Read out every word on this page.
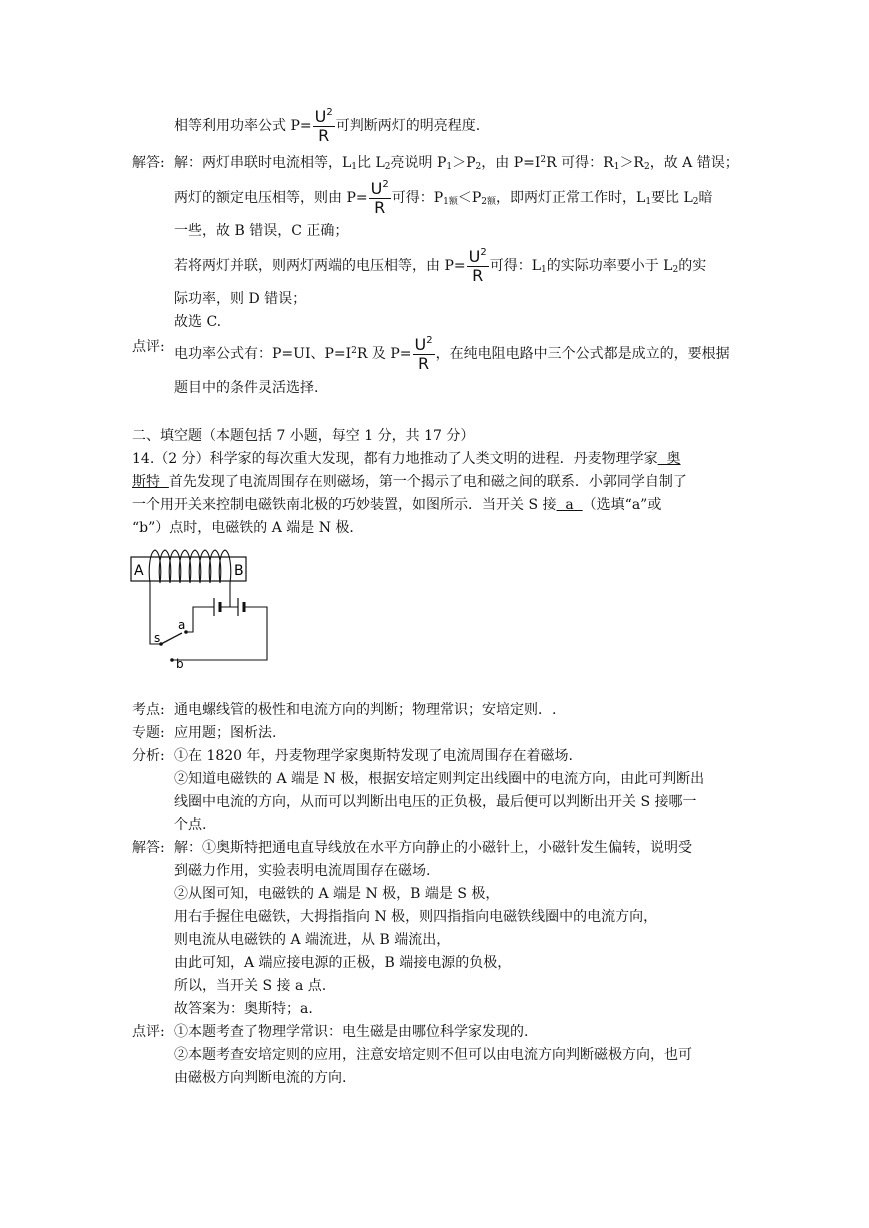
相等利用功率公式 $P= \frac{U^2}{R}$ 可判断两灯的明亮程度.
解答: 解：两灯串联时电流相等，$L_1$比 $L_2$亮说明 $P_1>P_2$，由 $P=I^2R$ 可得：$R_1>R_2$，故 A 错误；
两灯的额定电压相等，则由 $P= \frac{U^2}{R}$ 可得：$P_{1额}<P_{2额}$，即两灯正常工作时，$L_1$要比 $L_2$暗
一些，故 B 错误，C 正确；
若将两灯并联，则两灯两端的电压相等，由 $P= \frac{U^2}{R}$ 可得：$L_1$的实际功率要小于 $L_2$的实
际功率，则 D 错误；
故选 C.
点评: 电功率公式有：P=UI、$P=I^2R$ 及 $P= \frac{U^2}{R}$ ，在纯电阻电路中三个公式都是成立的，要根据
题目中的条件灵活选择.
二、填空题（本题包括 7 小题，每空 1 分，共 17 分）
14.（2 分）科学家的每次重大发现，都有力地推动了人类文明的进程．丹麦物理学家  奥
斯特  首先发现了电流周围存在则磁场，第一个揭示了电和磁之间的联系．小郭同学自制了
一个用开关来控制电磁铁南北极的巧妙装置，如图所示．当开关 S 接  a  （选填“a”或
“b”）点时，电磁铁的 A 端是 N 极．
A	B
s
a
b
考点: 通电螺线管的极性和电流方向的判断；物理常识；安培定则．.
专题: 应用题；图析法.
分析: ①在 1820 年，丹麦物理学家奥斯特发现了电流周围存在着磁场.
②知道电磁铁的 A 端是 N 极，根据安培定则判定出线圈中的电流方向，由此可判断出
线圈中电流的方向，从而可以判断出电压的正负极，最后便可以判断出开关 S 接哪一
个点.
解答: 解：①奥斯特把通电直导线放在水平方向静止的小磁针上，小磁针发生偏转，说明受
到磁力作用，实验表明电流周围存在磁场.
②从图可知，电磁铁的 A 端是 N 极，B 端是 S 极，
用右手握住电磁铁，大拇指指向 N 极，则四指指向电磁铁线圈中的电流方向，
则电流从电磁铁的 A 端流进，从 B 端流出，
由此可知，A 端应接电源的正极，B 端接电源的负极，
所以，当开关 S 接 a 点.
故答案为：奥斯特；a.
点评: ①本题考查了物理学常识：电生磁是由哪位科学家发现的.
②本题考查安培定则的应用，注意安培定则不但可以由电流方向判断磁极方向，也可
由磁极方向判断电流的方向.
